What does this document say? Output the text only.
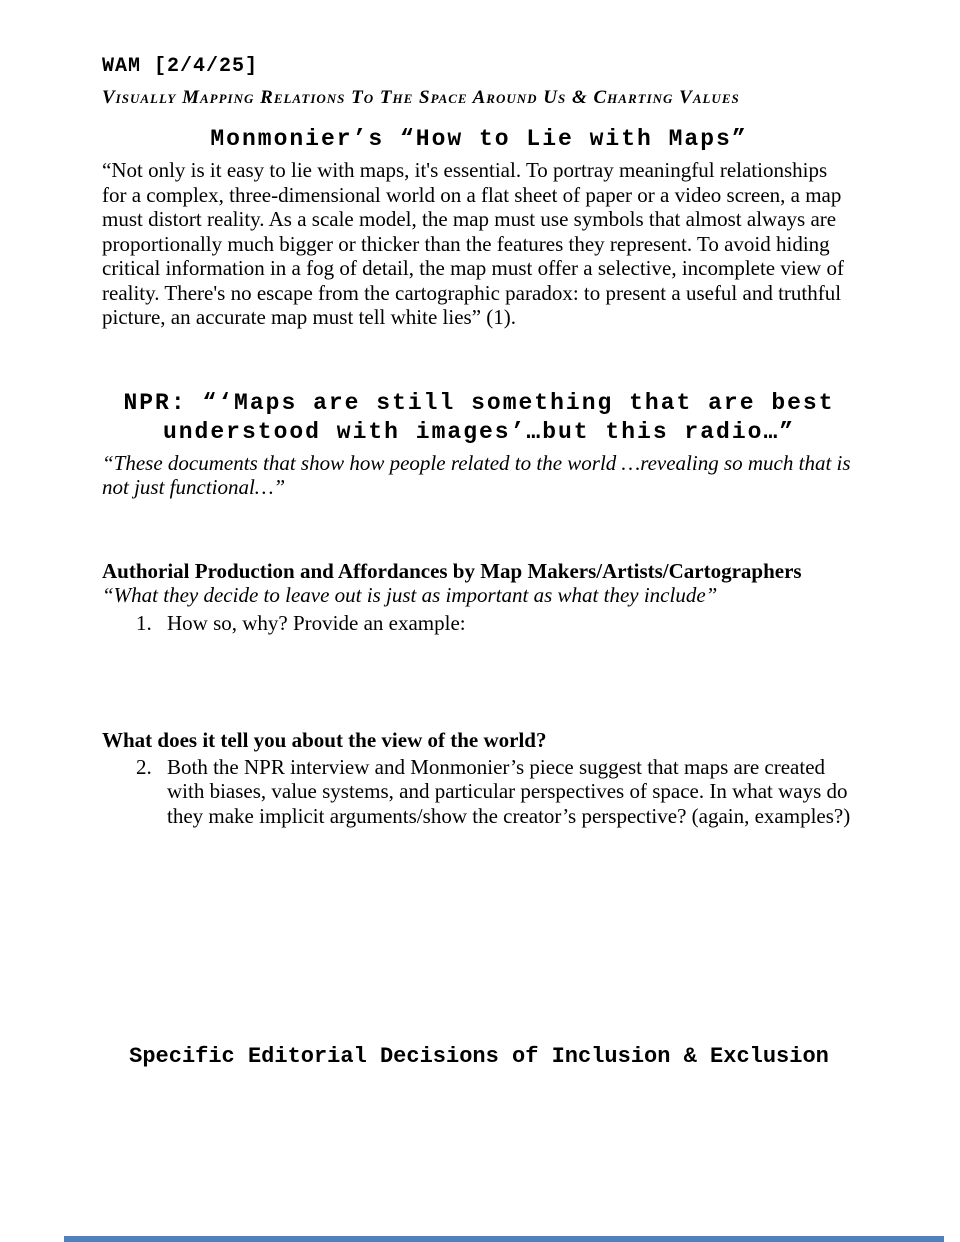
WAM [2/4/25]
Visually Mapping Relations To The Space Around Us & Charting Values
Monmonier’s “How to Lie with Maps”

“Not only is it easy to lie with maps, it's essential. To portray meaningful relationships for a complex, three-dimensional world on a flat sheet of paper or a video screen, a map must distort reality. As a scale model, the map must use symbols that almost always are proportionally much bigger or thicker than the features they represent. To avoid hiding critical information in a fog of detail, the map must offer a selective, incomplete view of reality. There's no escape from the cartographic paradox: to present a useful and truthful picture, an accurate map must tell white lies” (1).

NPR: “‘Maps are still something that are best
understood with images’…but this radio…”

“These documents that show how people related to the world …revealing so much that is not just functional…”

Authorial Production and Affordances by Map Makers/Artists/Cartographers

“What they decide to leave out is just as important as what they include”

1. How so, why? Provide an example:
What does it tell you about the view of the world?
2. Both the NPR interview and Monmonier’s piece suggest that maps are created with biases, value systems, and particular perspectives of space. In what ways do they make implicit arguments/show the creator’s perspective? (again, examples?)
Specific Editorial Decisions of Inclusion & Exclusion
